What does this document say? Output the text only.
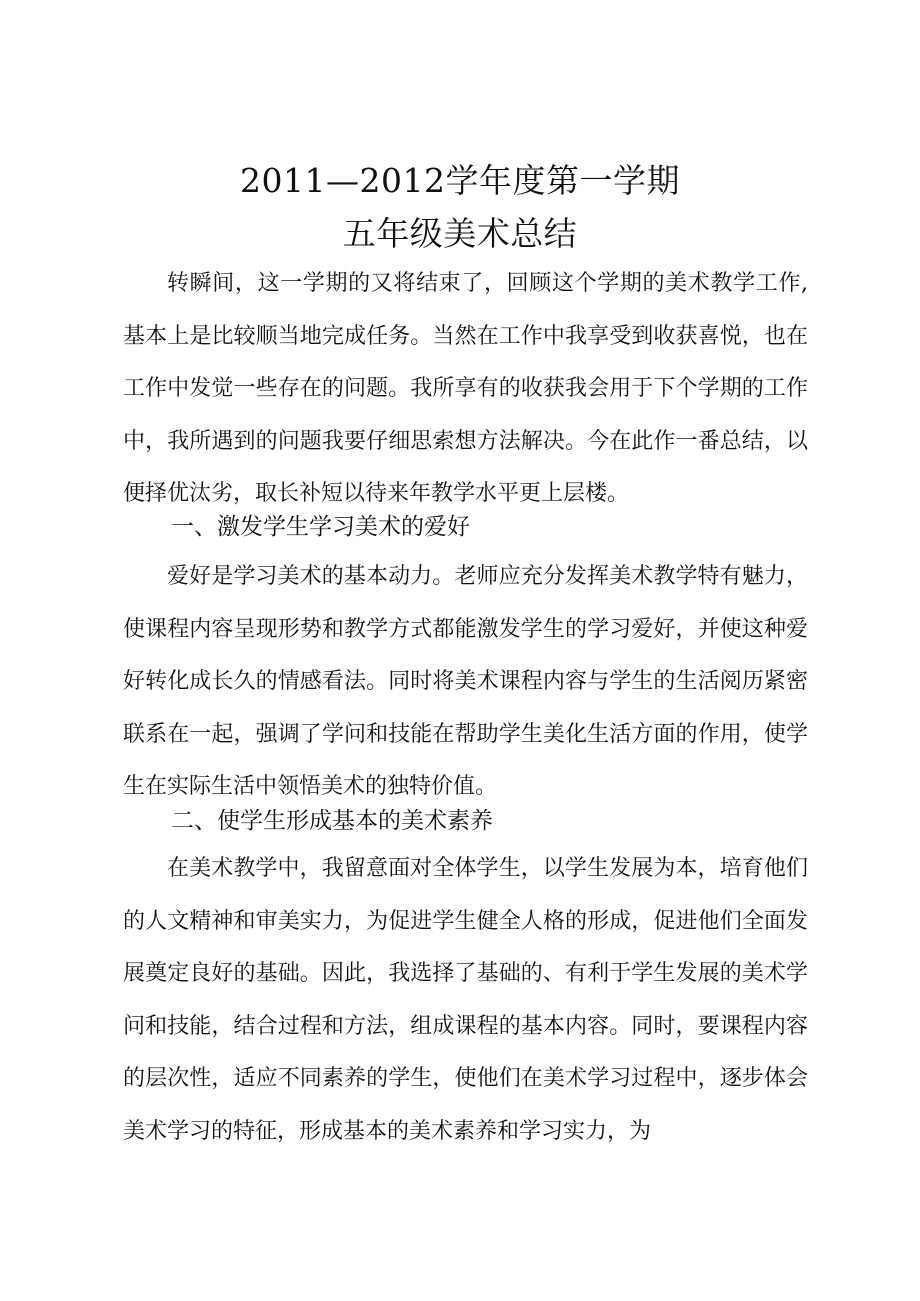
2011—2012学年度第一学期
五年级美术总结

转瞬间，这一学期的又将结束了，回顾这个学期的美术教学工作,基本上是比较顺当地完成任务。当然在工作中我享受到收获喜悦，也在工作中发觉一些存在的问题。我所享有的收获我会用于下个学期的工作中，我所遇到的问题我要仔细思索想方法解决。今在此作一番总结，以便择优汰劣，取长补短以待来年教学水平更上层楼。

一、激发学生学习美术的爱好

爱好是学习美术的基本动力。老师应充分发挥美术教学特有魅力，使课程内容呈现形势和教学方式都能激发学生的学习爱好，并使这种爱好转化成长久的情感看法。同时将美术课程内容与学生的生活阅历紧密联系在一起，强调了学问和技能在帮助学生美化生活方面的作用，使学生在实际生活中领悟美术的独特价值。

二、使学生形成基本的美术素养

在美术教学中，我留意面对全体学生，以学生发展为本，培育他们的人文精神和审美实力，为促进学生健全人格的形成，促进他们全面发展奠定良好的基础。因此，我选择了基础的、有利于学生发展的美术学问和技能，结合过程和方法，组成课程的基本内容。同时，要课程内容的层次性，适应不同素养的学生，使他们在美术学习过程中，逐步体会美术学习的特征，形成基本的美术素养和学习实力，为
